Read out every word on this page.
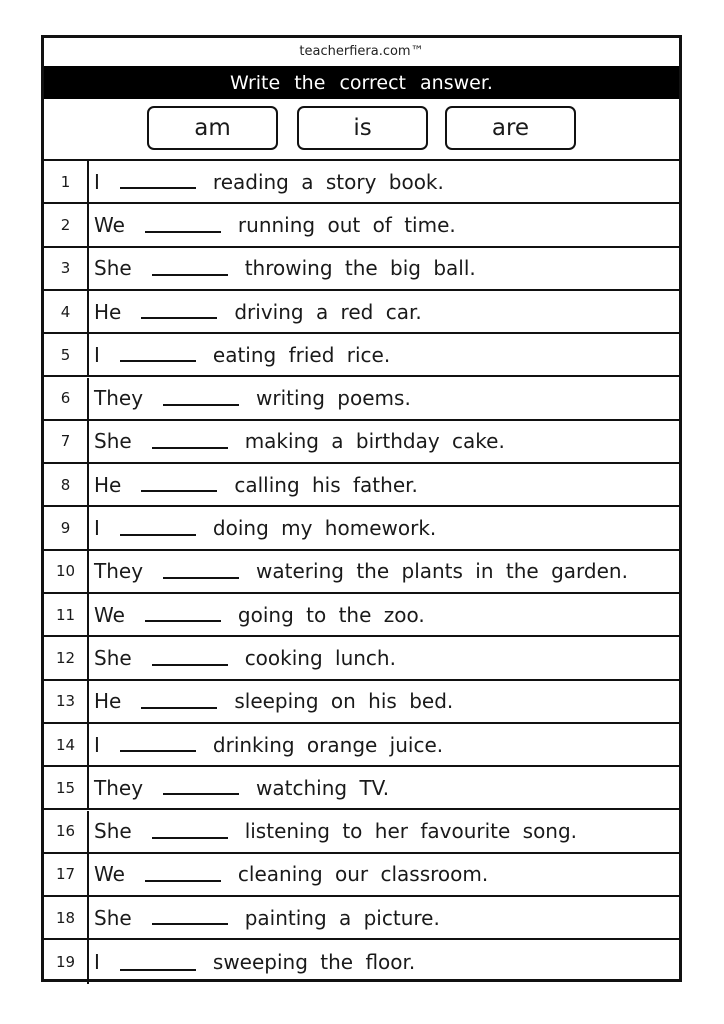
teacherfiera.com™
Write the correct answer.
am	is	are
1	I	reading a story book.
2	We	running out of time.
3	She	throwing the big ball.
4	He	driving a red car.
5	I	eating fried rice.
6	They	writing poems.
7	She	making a birthday cake.
8	He	calling his father.
9	I	doing my homework.
10 They	watering the plants in the garden.
11 We	going to the zoo.
12 She	cooking lunch.
13 He	sleeping on his bed.
14 I	drinking orange juice.
15 They	watching TV.
16 She	listening to her favourite song.
17 We	cleaning our classroom.
18 She	painting a picture.
19 I	sweeping the floor.
